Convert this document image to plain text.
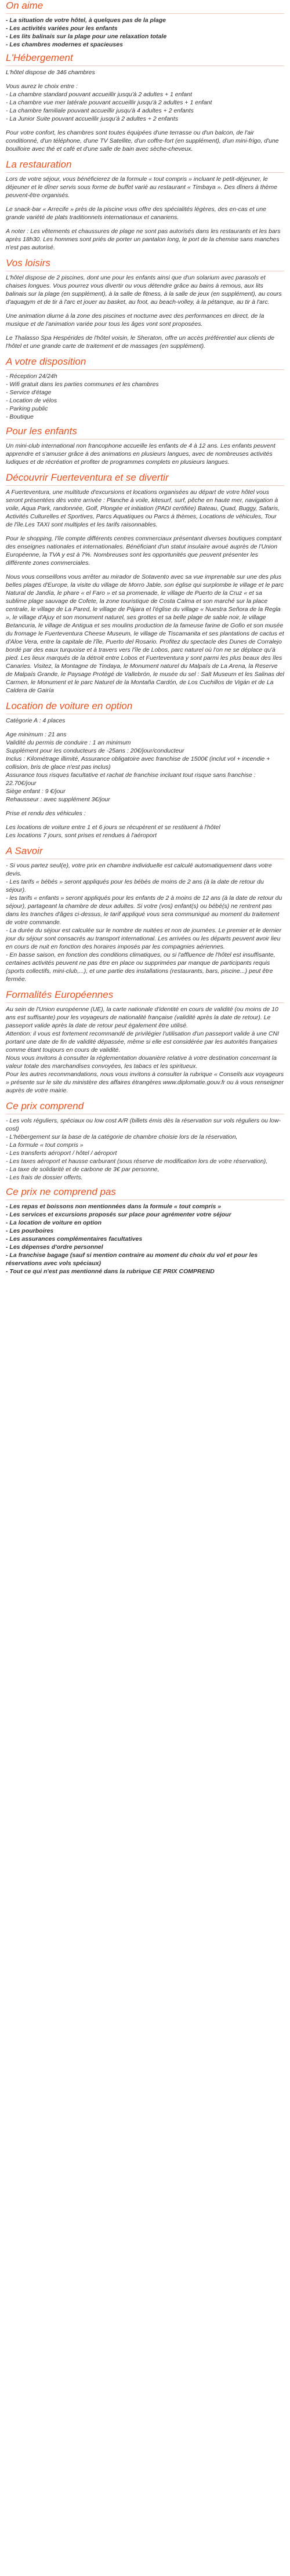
On aime

- La situation de votre hôtel, à quelques pas de la plage

- Les activités variées pour les enfants

- Les lits balinais sur la plage pour une relaxation totale

- Les chambres modernes et spacieuses

L'Hébergement

L'hôtel dispose de 346 chambres

Vous aurez le choix entre :
- La chambre standard pouvant accueillir jusqu'à 2 adultes + 1 enfant
- La chambre vue mer latérale pouvant accueillir jusqu'à 2 adultes + 1 enfant
- La chambre familiale pouvant accueillir jusqu'à 4 adultes + 2 enfants
- La Junior Suite pouvant accueillir jusqu'à 2 adultes + 2 enfants

Pour votre confort, les chambres sont toutes équipées d'une terrasse ou d'un balcon, de l'air conditionné, d'un téléphone, d'une TV Satellite, d'un coffre-fort (en supplément), d'un mini-frigo, d'une bouilloire avec thé et café et d'une salle de bain avec sèche-cheveux.

La restauration

Lors de votre séjour, vous bénéficierez de la formule « tout compris » incluant le petit-déjeuner, le déjeuner et le dîner servis sous forme de buffet varié au restaurant « Timbaya ». Des dîners à thème peuvent-être organisés.

Le snack-bar « Arrecife » près de la piscine vous offre des spécialités légères, des en-cas et une grande variété de plats traditionnels internationaux et canariens.

A noter : Les vêtements et chaussures de plage ne sont pas autorisés dans les restaurants et les bars après 18h30. Les hommes sont priés de porter un pantalon long, le port de la chemise sans manches n'est pas autorisé.

Vos loisirs

L'hôtel dispose de 2 piscines, dont une pour les enfants ainsi que d'un solarium avec parasols et chaises longues. Vous pourrez vous divertir ou vous détendre grâce au bains à remous, aux lits balinais sur la plage (en supplément), à la salle de fitness, à la salle de jeux (en supplément), au cours d'aquagym et de tir à l'arc et jouer au basket, au foot, au beach-volley, à la pétanque, au tir à l'arc.

Une animation diurne à la zone des piscines et nocturne avec des performances en direct, de la musique et de l'animation variée pour tous les âges vont sont proposées.

Le Thalasso Spa Hespérides de l'hôtel voisin, le Sheraton, offre un accès préférentiel aux clients de l'hôtel et une grande carte de traitement et de massages (en supplément).

A votre disposition
- Réception 24/24h
- Wifi gratuit dans les parties communes et les chambres
- Service d'étage
- Location de vélos
- Parking public
- Boutique
Pour les enfants

Un mini-club international non francophone accueille les enfants de 4 à 12 ans. Les enfants peuvent apprendre et s'amuser grâce à des animations en plusieurs langues, avec de nombreuses activités ludiques et de récréation et profiter de programmes complets en plusieurs langues.

Découvrir Fuerteventura et se divertir

A Fuerteventura, une multitude d'excursions et locations organisées au départ de votre hôtel vous seront présentées dès votre arrivée : Planche à voile, kitesurf, surf, pêche en haute mer, navigation à voile, Aqua Park, randonnée, Golf, Plongée et initiation (PADI certifiée) Bateau, Quad, Buggy, Safaris, Activités Culturelles et Sportives, Parcs Aquatiques ou Parcs à thèmes, Locations de véhicules, Tour de l'île.Les TAXI sont multiples et les tarifs raisonnables.

Pour le shopping, l'île compte différents centres commerciaux présentant diverses boutiques comptant des enseignes nationales et internationales. Bénéficiant d'un statut insulaire avoué auprès de l'Union Européenne, la TVA y est à 7%. Nombreuses sont les opportunités que peuvent présenter les différente zones commerciales.

Nous vous conseillons vous arrêter au mirador de Sotavento avec sa vue imprenable sur une des plus belles plages d'Europe, la visite du village de Morro Jable, son église qui surplombe le village et le parc Natural de Jandía, le phare « el Faro » et sa promenade, le village de Puerto de la Cruz « et sa sublime plage sauvage de Cofete, la zone touristique de Costa Calma et son marché sur la place centrale, le village de La Pared, le village de Pájara et l'église du village « Nuestra Señora de la Regla », le village d'Ajuy et son monument naturel, ses grottes et sa belle plage de sable noir, le village Betancuria, le village de Antigua et ses moulins production de la fameuse farine de Gofio et son musée du fromage le Fuerteventura Cheese Museum, le village de Tiscamanita et ses plantations de cactus et d'Aloe Vera, entre la capitale de l'île, Puerto del Rosario. Profitez du spectacle des Dunes de Corralejo bordé par des eaux turquoise et à travers vers l'île de Lobos, parc naturel où l'on ne se déplace qu'à pied. Les lieux marqués de la détroit entre Lobos et Fuerteventura y sont parmi les plus beaux des îles Canaries. Visitez, la Montagne de Tindaya, le Monument naturel du Malpaís de La Arena, la Reserve de Malpaís Grande, le Paysage Protégé de Vallebrón, le musée du sel : Salt Museum et les Salinas del Carmen, le Monument et le parc Naturel de la Montaña Cardón, de Los Cuchillos de Vigán et de La Caldera de Gairía

Location de voiture en option

Catégorie A : 4 places

Age minimum : 21 ans
Validité du permis de conduire : 1 an minimum
Supplément pour les conducteurs de -25ans : 20€/jour/conducteur
Inclus : Kilométrage illimité, Assurance obligatoire avec franchise de 1500€ (inclut vol + incendie + collision, bris de glace n'est pas inclus)
Assurance tous risques facultative et rachat de franchise incluant tout risque sans franchise : 22.70€/jour
Siège enfant : 9 €/jour
Rehausseur : avec supplément 3€/jour

Prise et rendu des véhicules :

Les locations de voiture entre 1 et 6 jours se récupèrent et se restituent à l'hôtel
Les locations 7 jours, sont prises et rendues à l'aéroport

A Savoir

- Si vous partez seul(e), votre prix en chambre individuelle est calculé automatiquement dans votre devis.
- Les tarifs « bébés » seront appliqués pour les bébés de moins de 2 ans (à la date de retour du séjour).
- les tarifs « enfants » seront appliqués pour les enfants de 2 à moins de 12 ans (à la date de retour du séjour), partageant la chambre de deux adultes. Si votre (vos) enfant(s) ou bébé(s) ne rentrent pas dans les tranches d'âges ci-dessus, le tarif appliqué vous sera communiqué au moment du traitement de votre commande.
- La durée du séjour est calculée sur le nombre de nuitées et non de journées. Le premier et le dernier jour du séjour sont consacrés au transport international. Les arrivées ou les départs peuvent avoir lieu en cours de nuit en fonction des horaires imposés par les compagnies aériennes.
- En basse saison, en fonction des conditions climatiques, ou si l'affluence de l'hôtel est insuffisante, certaines activités peuvent ne pas être en place ou supprimées par manque de participants requis (sports collectifs, mini-club,...), et une partie des installations (restaurants, bars, piscine...) peut être fermée.

Formalités Européennes

Au sein de l'Union européenne (UE), la carte nationale d'identité en cours de validité (ou moins de 10 ans est suffisante) pour les voyageurs de nationalité française (validité après la date de retour). Le passeport valide après la date de retour peut également être utilisé.
Attention: il vous est fortement recommandé de privilégier l'utilisation d'un passeport valide à une CNI portant une date de fin de validité dépassée, même si elle est considérée par les autorités françaises comme étant toujours en cours de validité.
Nous vous invitons à consulter la réglementation douanière relative à votre destination concernant la valeur totale des marchandises convoyées, les tabacs et les spiritueux.
Pour les autres recommandations, nous vous invitons à consulter la rubrique « Conseils aux voyageurs » présente sur le site du ministère des affaires étrangères www.diplomatie.gouv.fr ou à vous renseigner auprès de votre mairie.

Ce prix comprend
- Les vols réguliers, spéciaux ou low cost A/R (billets émis dès la réservation sur vols réguliers ou low-cost)
- L'hébergement sur la base de la catégorie de chambre choisie lors de la réservation,
- La formule « tout compris »
- Les transferts aéroport / hôtel / aéroport
- Les taxes aéroport et hausse carburant (sous réserve de modification lors de votre réservation),
- La taxe de solidarité et de carbone de 3€ par personne,
- Les frais de dossier offerts.
Ce prix ne comprend pas
- Les repas et boissons non mentionnées dans la formule « tout compris »
- Les services et excursions proposés sur place pour agrémenter votre séjour
- La location de voiture en option
- Les pourboires
- Les assurances complémentaires facultatives
- Les dépenses d'ordre personnel
- La franchise bagage (sauf si mention contraire au moment du choix du vol et pour les réservations avec vols spéciaux)
- Tout ce qui n'est pas mentionné dans la rubrique CE PRIX COMPREND
